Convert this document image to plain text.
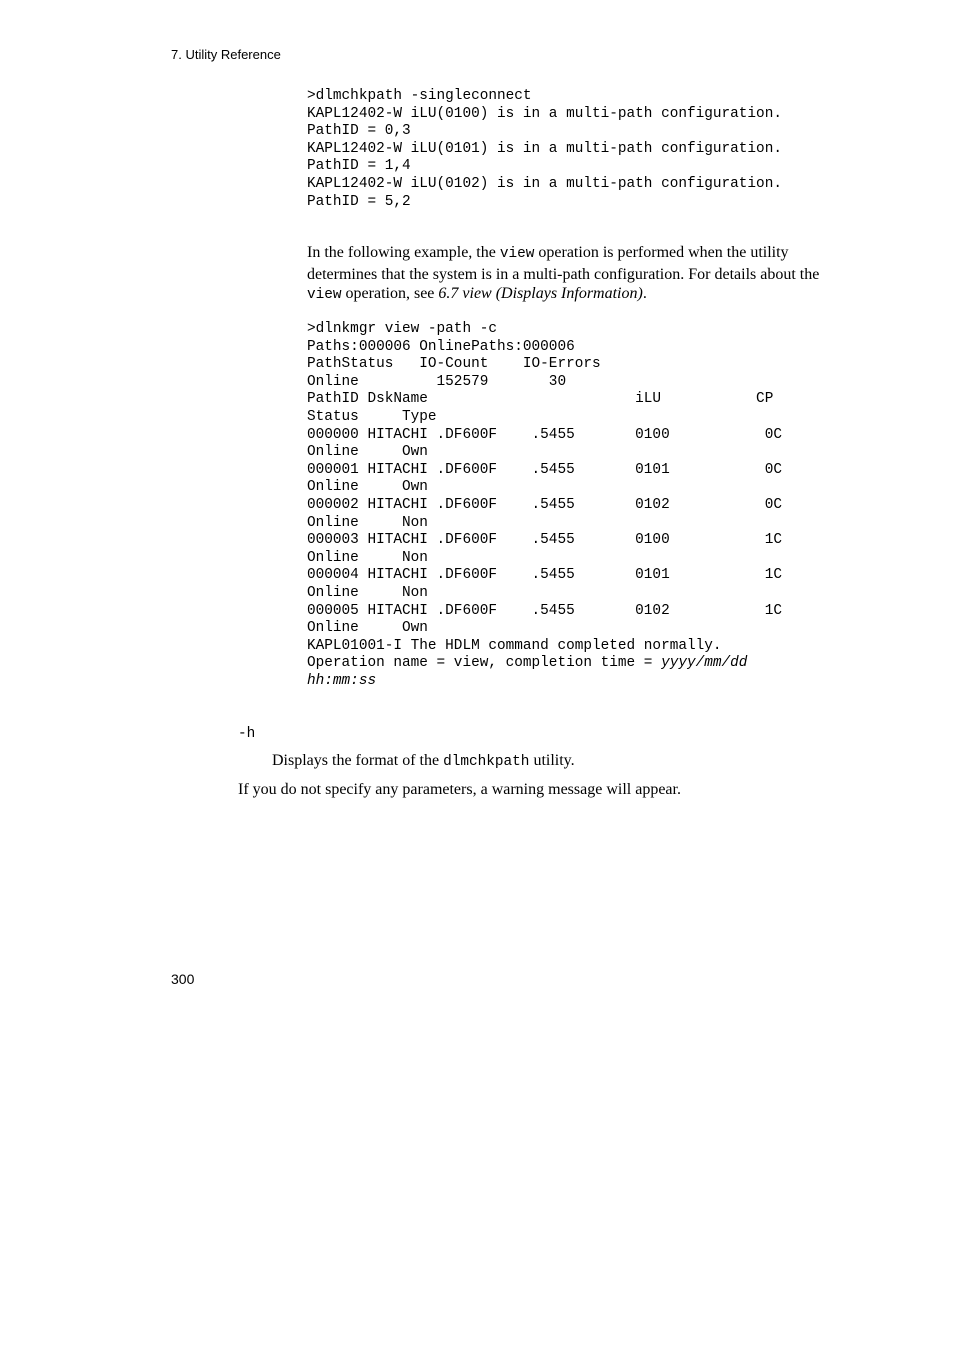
7. Utility Reference
>dlmchkpath -singleconnect
KAPL12402-W iLU(0100) is in a multi-path configuration.
PathID = 0,3
KAPL12402-W iLU(0101) is in a multi-path configuration.
PathID = 1,4
KAPL12402-W iLU(0102) is in a multi-path configuration.
PathID = 5,2
In the following example, the view operation is performed when the utility determines that the system is in a multi-path configuration. For details about the view operation, see 6.7 view (Displays Information).
>dlnkmgr view -path -c
Paths:000006 OnlinePaths:000006
PathStatus   IO-Count    IO-Errors
Online         152579       30
PathID DskName                        iLU           CP
Status     Type
000000 HITACHI .DF600F    .5455       0100           0C
Online     Own
000001 HITACHI .DF600F    .5455       0101           0C
Online     Own
000002 HITACHI .DF600F    .5455       0102           0C
Online     Non
000003 HITACHI .DF600F    .5455       0100           1C
Online     Non
000004 HITACHI .DF600F    .5455       0101           1C
Online     Non
000005 HITACHI .DF600F    .5455       0102           1C
Online     Own
KAPL01001-I The HDLM command completed normally.
Operation name = view, completion time = yyyy/mm/dd
hh:mm:ss
-h
Displays the format of the dlmchkpath utility.
If you do not specify any parameters, a warning message will appear.
300
